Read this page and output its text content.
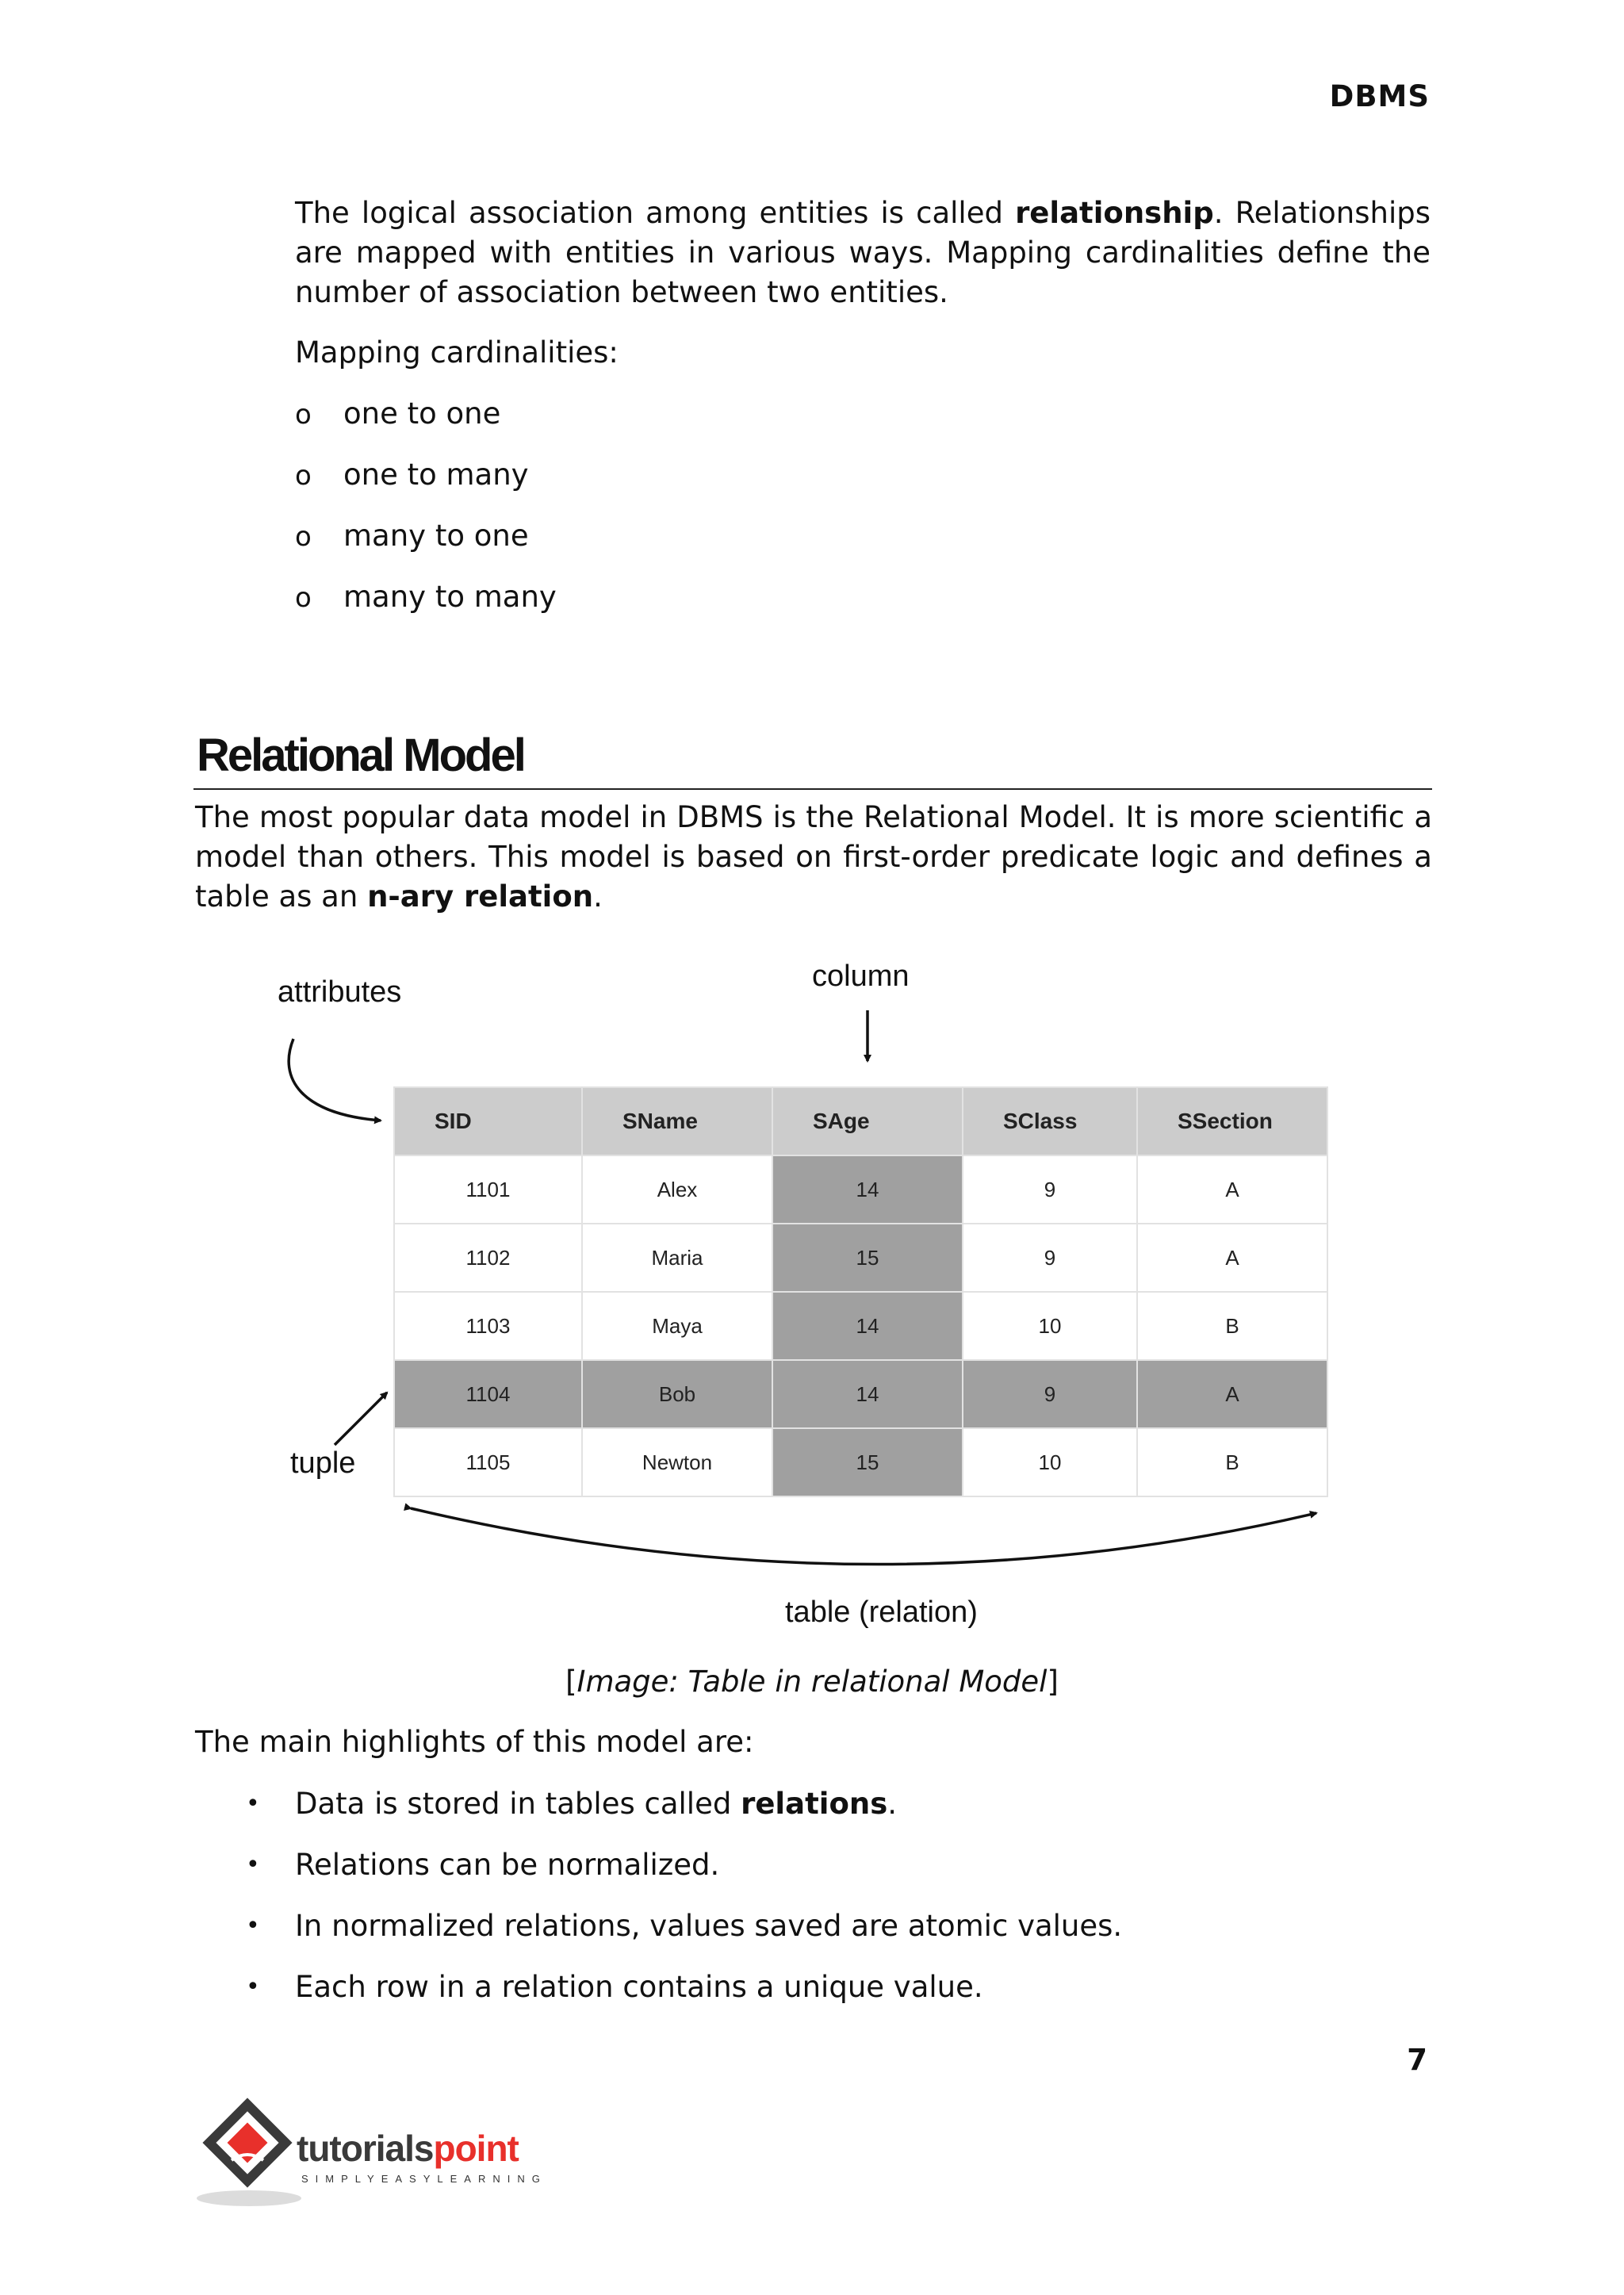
DBMS

The logical association among entities is called relationship. Relationships are mapped with entities in various ways. Mapping cardinalities define the number of association between two entities.

Mapping cardinalities:
o one to one
o one to many
o many to one
o many to many
Relational Model

The most popular data model in DBMS is the Relational Model. It is more scientific a model than others. This model is based on first-order predicate logic and defines a table as an n-ary relation.

attributes	column
tuple
table (relation)
SID	SName	SAge	SClass	SSection
1101	Alex	14	9	A
1102	Maria	15	9	A
1103	Maya	14	10	B
1104	Bob	14	9	A
1105	Newton	15	10	B
[Image: Table in relational Model]
The main highlights of this model are:
• Data is stored in tables called relations.
• Relations can be normalized.
• In normalized relations, values saved are atomic values.
• Each row in a relation contains a unique value.
7
tutorialspoint
SIMPLYEASYLEARNING
